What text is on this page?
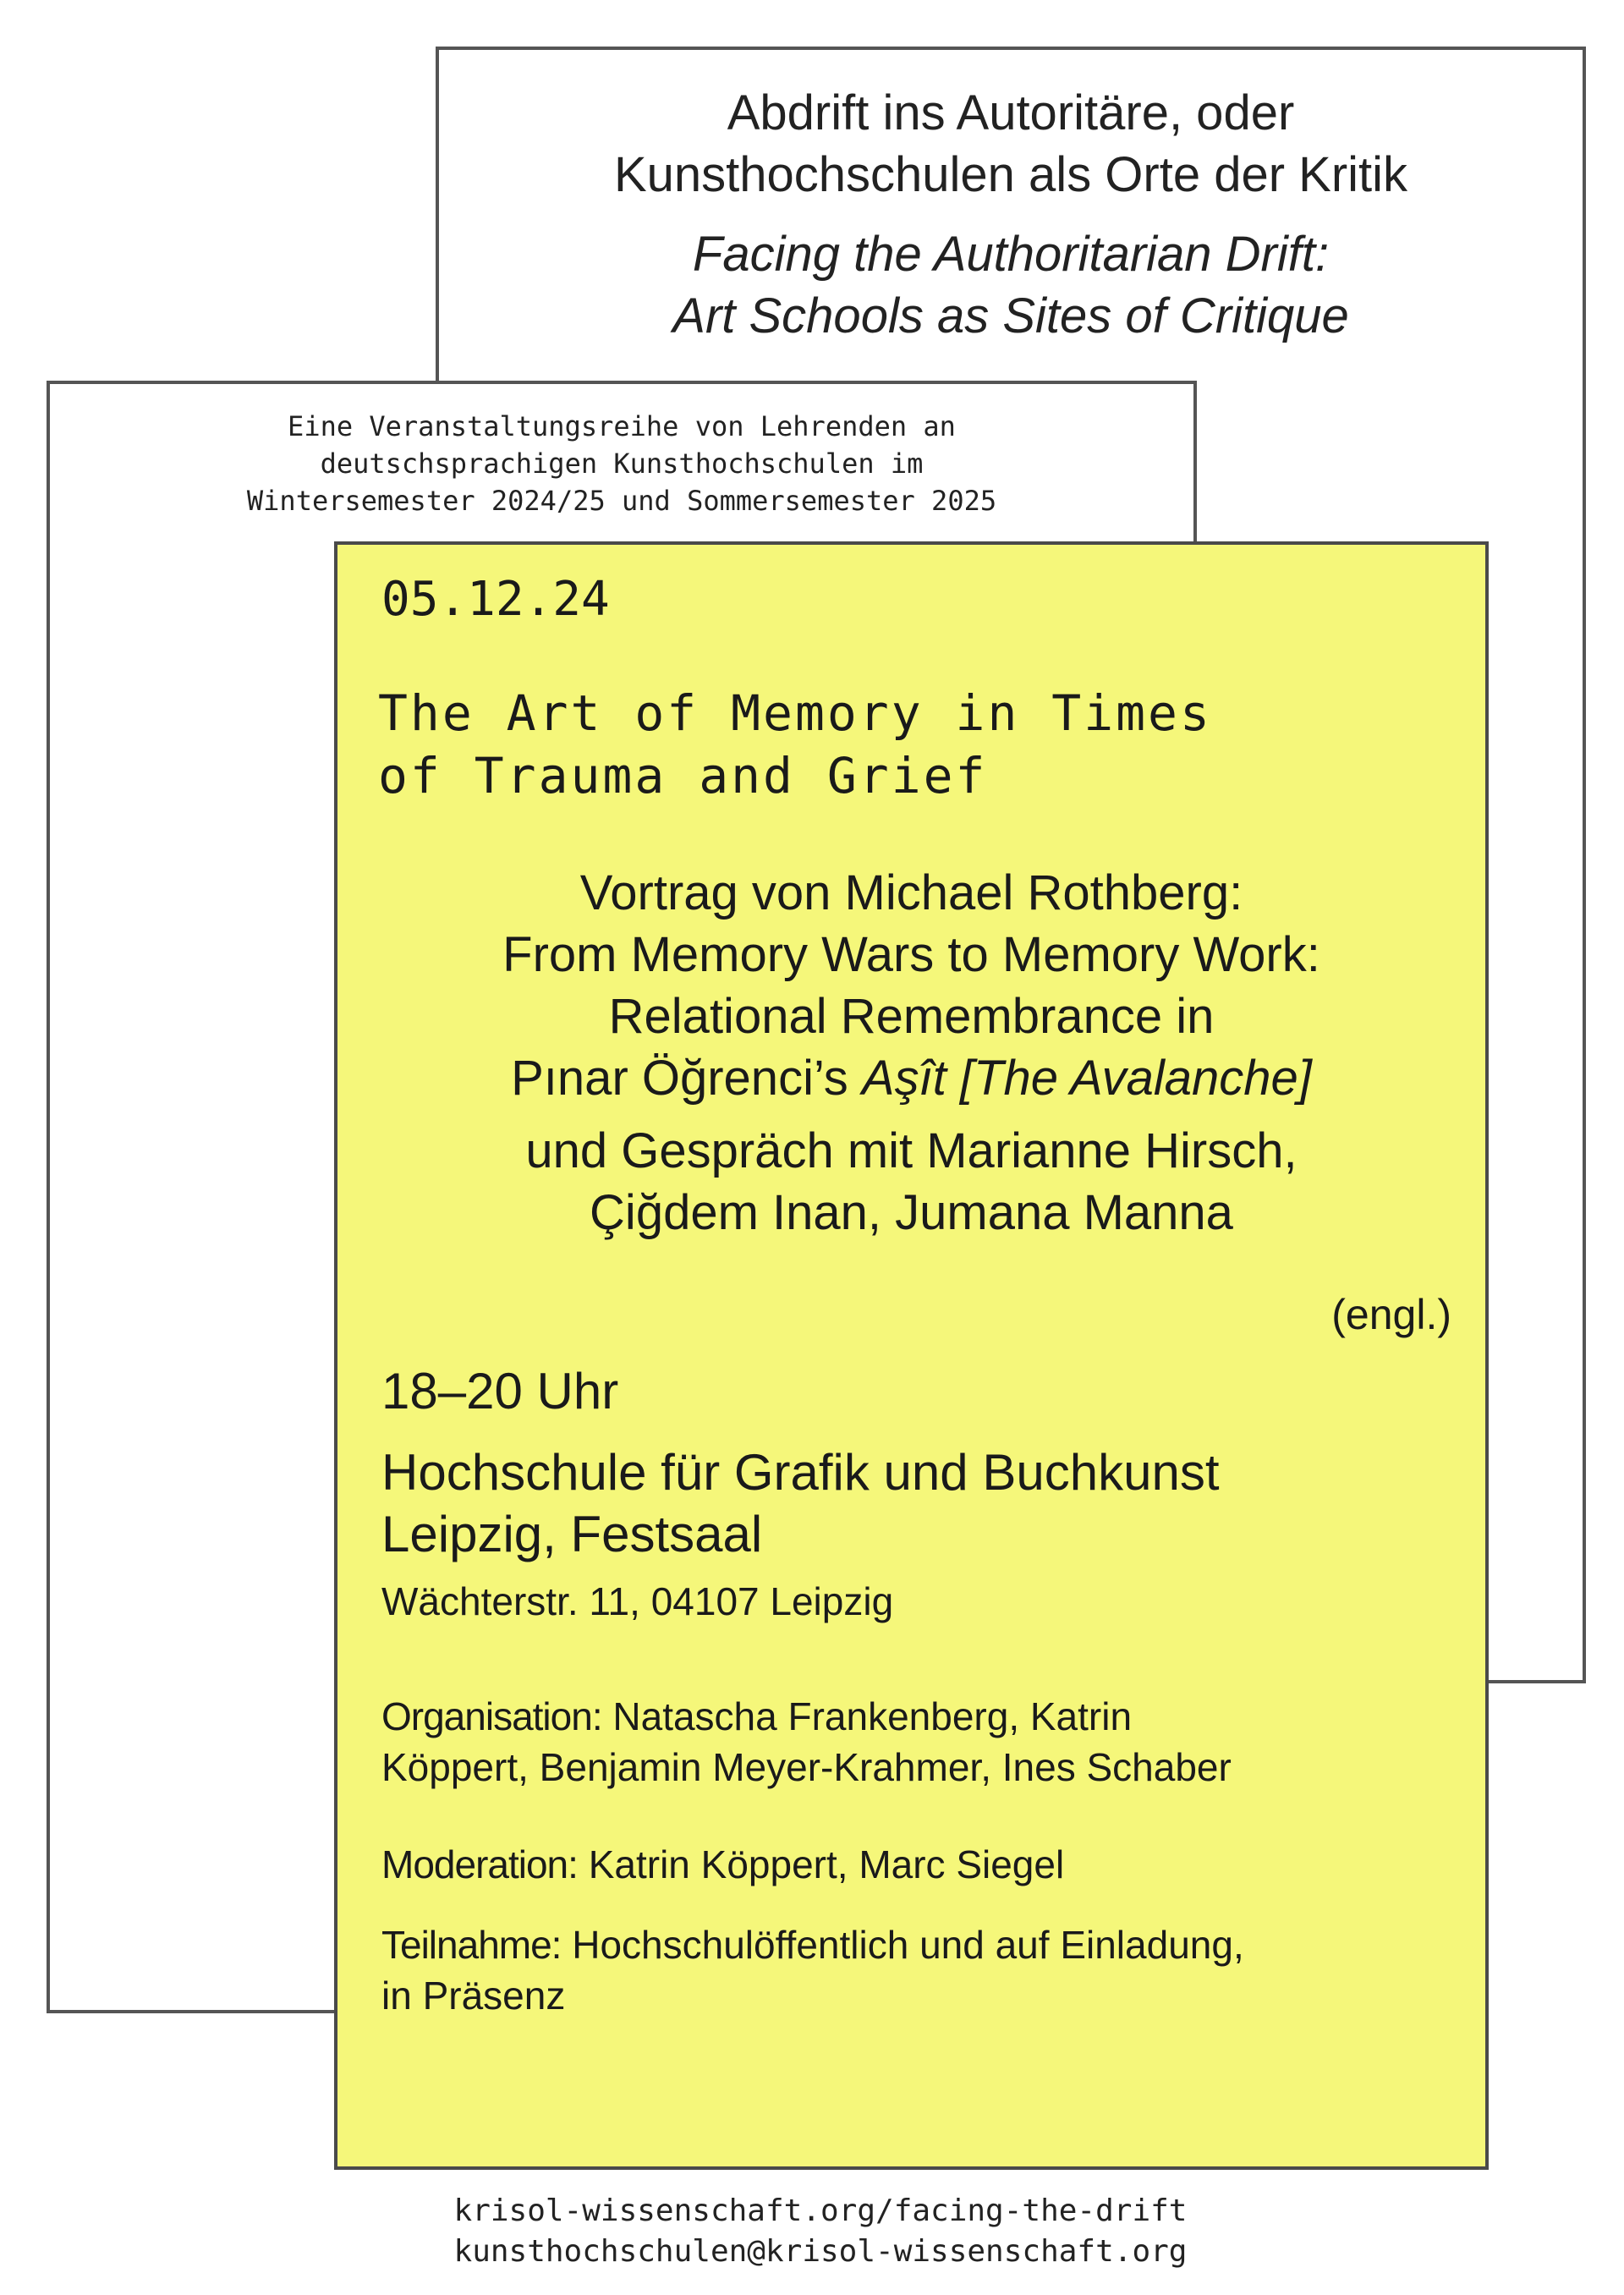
Abdrift ins Autoritäre, oder
Kunsthochschulen als Orte der Kritik
Facing the Authoritarian Drift:
Art Schools as Sites of Critique
Eine Veranstaltungsreihe von Lehrenden an
deutschsprachigen Kunsthochschulen im
Wintersemester 2024/25 und Sommersemester 2025
05.12.24
The Art of Memory in Times
of Trauma and Grief
Vortrag von Michael Rothberg:
From Memory Wars to Memory Work:
Relational Remembrance in
Pınar Öğrenci’s Aşît [The Avalanche]
und Gespräch mit Marianne Hirsch,
Çiğdem Inan, Jumana Manna
(engl.)
18–20 Uhr
Hochschule für Grafik und Buchkunst
Leipzig, Festsaal
Wächterstr. 11, 04107 Leipzig
Organisation: Natascha Frankenberg, Katrin
Köppert, Benjamin Meyer-Krahmer, Ines Schaber
Moderation: Katrin Köppert, Marc Siegel
Teilnahme: Hochschulöffentlich und auf Einladung,
in Präsenz
krisol-wissenschaft.org/facing-the-drift
kunsthochschulen@krisol-wissenschaft.org
